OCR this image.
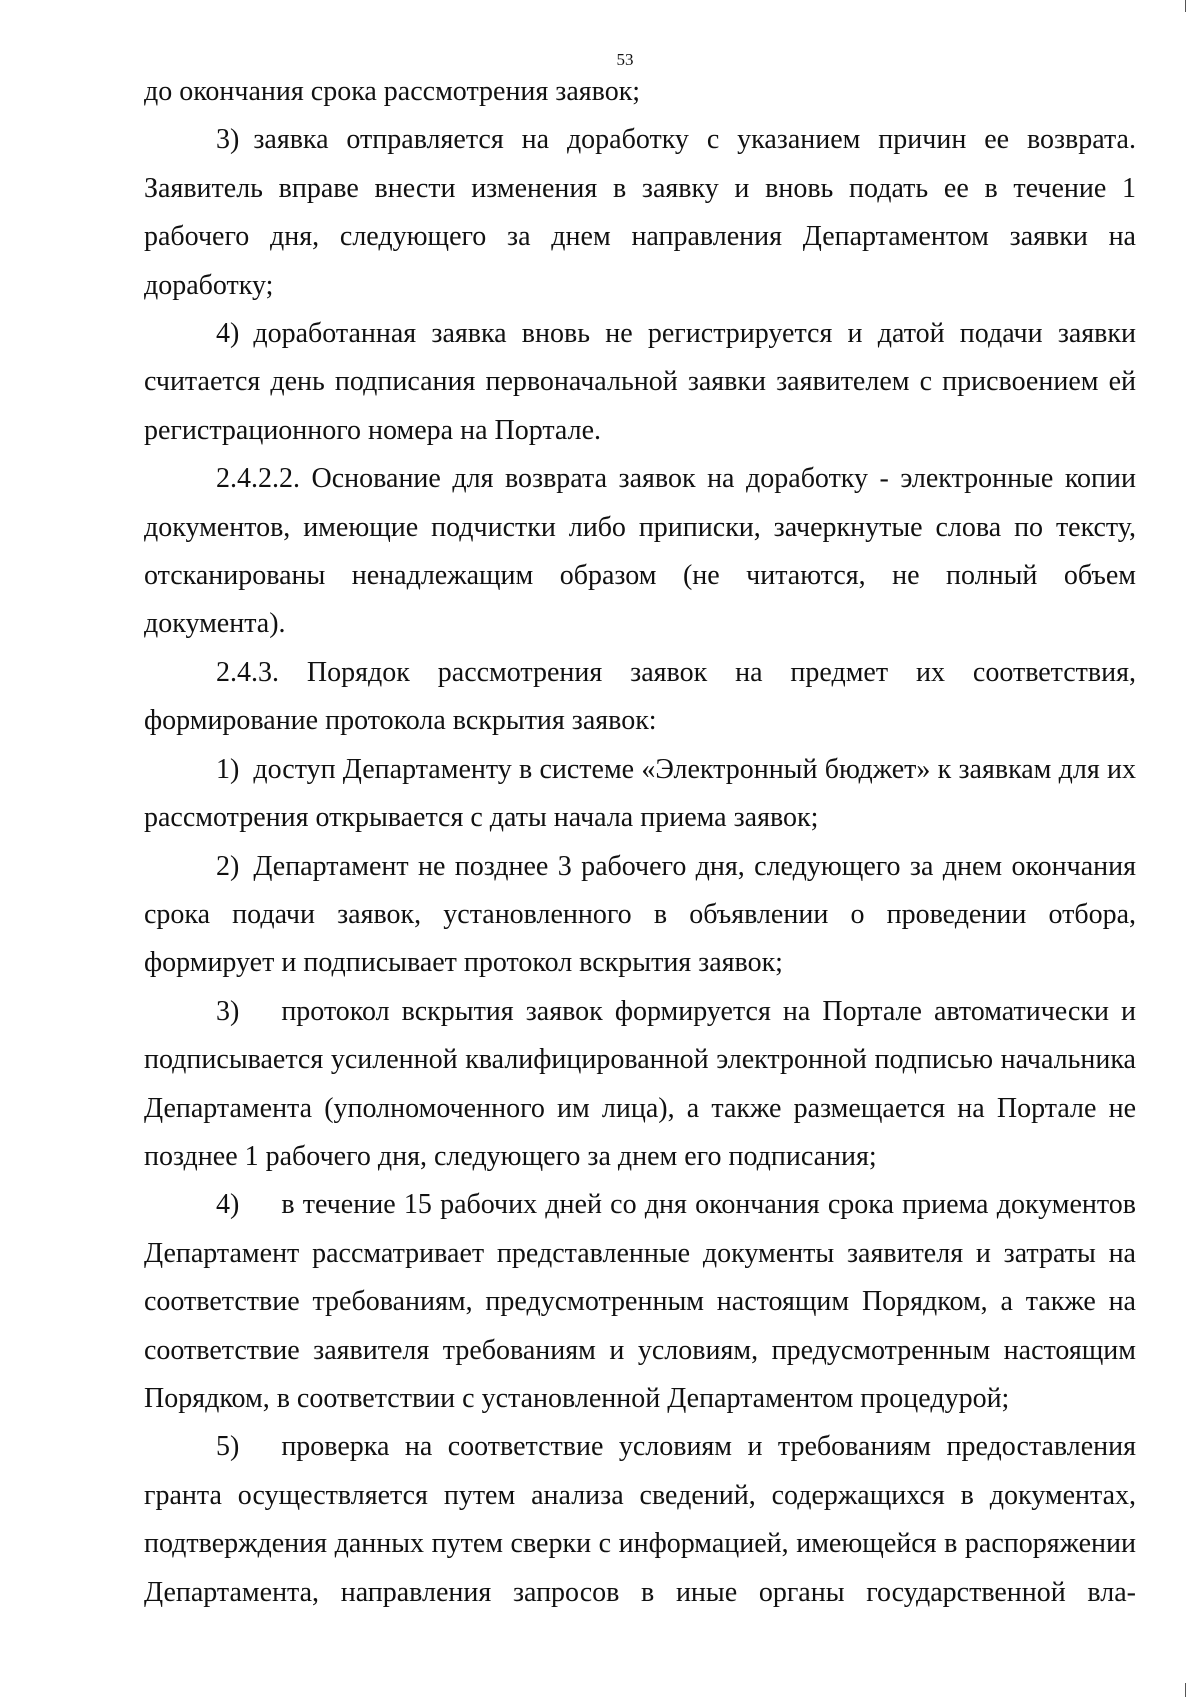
53

до окончания срока рассмотрения заявок;

3) заявка отправляется на доработку с указанием причин ее возврата. Заявитель вправе внести изменения в заявку и вновь подать ее в течение 1 рабочего дня, следующего за днем направления Департаментом заявки на доработку;

4) доработанная заявка вновь не регистрируется и датой подачи заявки считается день подписания первоначальной заявки заявителем с присвоением ей регистрационного номера на Портале.

2.4.2.2. Основание для возврата заявок на доработку - электронные копии документов, имеющие подчистки либо приписки, зачеркнутые слова по тексту, отсканированы ненадлежащим образом (не читаются, не полный объем документа).

2.4.3. Порядок рассмотрения заявок на предмет их соответствия, формирование протокола вскрытия заявок:

1) доступ Департаменту в системе «Электронный бюджет» к заявкам для их рассмотрения открывается с даты начала приема заявок;

2) Департамент не позднее 3 рабочего дня, следующего за днем окончания срока подачи заявок, установленного в объявлении о проведении отбора, формирует и подписывает протокол вскрытия заявок;

3)  протокол вскрытия заявок формируется на Портале автоматически и подписывается усиленной квалифицированной электронной подписью начальника Департамента (уполномоченного им лица), а также размещается на Портале не позднее 1 рабочего дня, следующего за днем его подписания;

4)  в течение 15 рабочих дней со дня окончания срока приема документов Департамент рассматривает представленные документы заявителя и затраты на соответствие требованиям, предусмотренным настоящим Порядком, а также на соответствие заявителя требованиям и условиям, предусмотренным настоящим Порядком, в соответствии с установленной Департаментом процедурой;

5)  проверка на соответствие условиям и требованиям предоставления гранта осуществляется путем анализа сведений, содержащихся в документах, подтверждения данных путем сверки с информацией, имеющейся в распоряжении Департамента, направления запросов в иные органы государственной вла-
